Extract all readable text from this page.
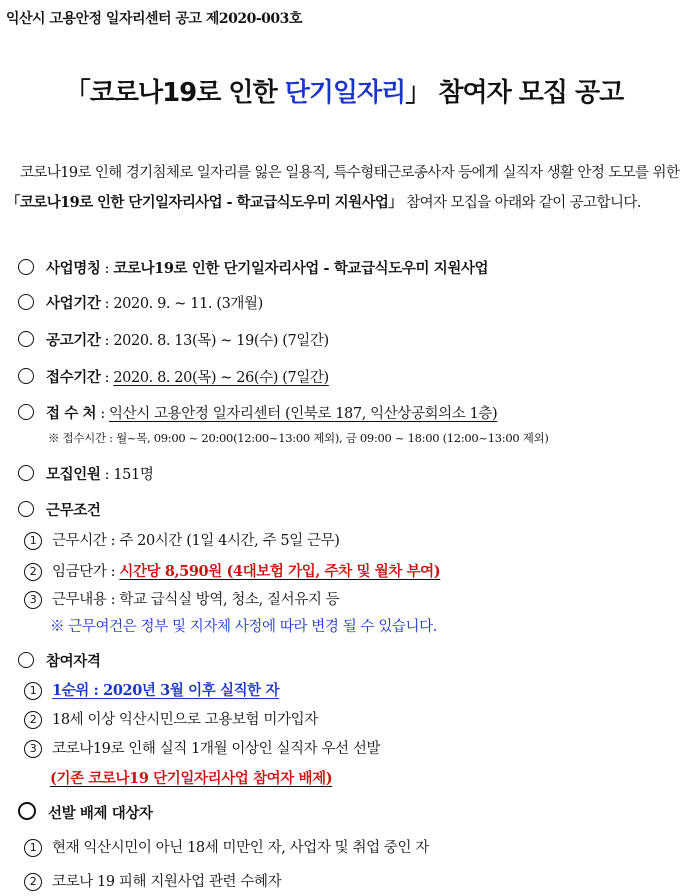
익산시 고용안정 일자리센터 공고 제2020-003호
「코로나19로 인한 단기일자리」 참여자 모집 공고
코로나19로 인해 경기침체로 일자리를 잃은 일용직, 특수형태근로종사자 등에게 실직자 생활 안정 도모를 위한 「코로나19로 인한 단기일자리사업 - 학교급식도우미 지원사업」 참여자 모집을 아래와 같이 공고합니다.
사업명칭 : 코로나19로 인한 단기일자리사업 - 학교급식도우미 지원사업
사업기간 : 2020. 9. ~ 11. (3개월)
공고기간 : 2020. 8. 13(목) ~ 19(수) (7일간)
접수기간 : 2020. 8. 20(목) ~ 26(수) (7일간)
접 수 처 : 익산시 고용안정 일자리센터 (인북로 187, 익산상공회의소 1층)
※ 접수시간 : 월~목, 09:00 ~ 20:00(12:00~13:00 제외), 금 09:00 ~ 18:00 (12:00~13:00 제외)
모집인원 : 151명
근무조건
1 근무시간 : 주 20시간 (1일 4시간, 주 5일 근무)
2 임금단가 : 시간당 8,590원 (4대보험 가입, 주차 및 월차 부여)
3 근무내용 : 학교 급식실 방역, 청소, 질서유지 등
※ 근무여건은 정부 및 지자체 사정에 따라 변경 될 수 있습니다.
참여자격
1 1순위 : 2020년 3월 이후 실직한 자
2 18세 이상 익산시민으로 고용보험 미가입자
3 코로나19로 인해 실직 1개월 이상인 실직자 우선 선발
(기존 코로나19 단기일자리사업 참여자 배제)
선발 배제 대상자
1 현재 익산시민이 아닌 18세 미만인 자, 사업자 및 취업 중인 자
2 코로나 19 피해 지원사업 관련 수혜자
